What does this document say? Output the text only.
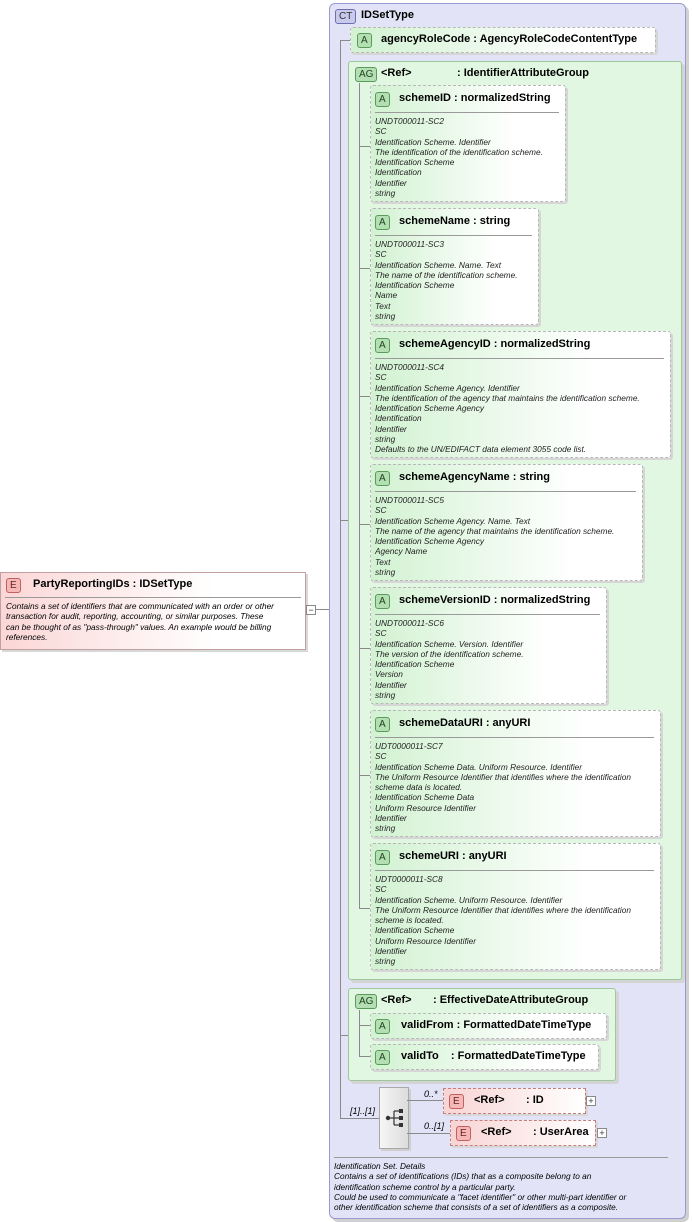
E	PartyReportingIDs : IDSetType
Contains a set of identifiers that are communicated with an order or other
transaction for audit, reporting, accounting, or similar purposes. These
can be thought of as "pass-through" values. An example would be billing
references.
−
CT IDSetType
A	agencyRoleCode : AgencyRoleCodeContentType
AG <Ref>	: IdentifierAttributeGroup
A	schemeID : normalizedString
UNDT000011-SC2
SC
Identification Scheme. Identifier
The identification of the identification scheme.
Identification Scheme
Identification
Identifier
string
A	schemeName : string
UNDT000011-SC3
SC
Identification Scheme. Name. Text
The name of the identification scheme.
Identification Scheme
Name
Text
string
A	schemeAgencyID : normalizedString
UNDT000011-SC4
SC
Identification Scheme Agency. Identifier
The identification of the agency that maintains the identification scheme.
Identification Scheme Agency
Identification
Identifier
string
Defaults to the UN/EDIFACT data element 3055 code list.
A	schemeAgencyName : string
UNDT000011-SC5
SC
Identification Scheme Agency. Name. Text
The name of the agency that maintains the identification scheme.
Identification Scheme Agency
Agency Name
Text
string
A	schemeVersionID : normalizedString
UNDT000011-SC6
SC
Identification Scheme. Version. Identifier
The version of the identification scheme.
Identification Scheme
Version
Identifier
string
A	schemeDataURI : anyURI
UDT0000011-SC7
SC
Identification Scheme Data. Uniform Resource. Identifier
The Uniform Resource Identifier that identifies where the identification
scheme data is located.
Identification Scheme Data
Uniform Resource Identifier
Identifier
string
A	schemeURI : anyURI
UDT0000011-SC8
SC
Identification Scheme. Uniform Resource. Identifier
The Uniform Resource Identifier that identifies where the identification
scheme is located.
Identification Scheme
Uniform Resource Identifier
Identifier
string
AG <Ref> : EffectiveDateAttributeGroup
A	validFrom : FormattedDateTimeType
A	validTo    : FormattedDateTimeType
[1]..[1]
0..*
E	<Ref> : ID	+
0..[1]
E	<Ref> : UserArea +
Identification Set. Details
Contains a set of identifications (IDs) that as a composite belong to an
identification scheme control by a particular party.
Could be used to communicate a "facet identifier" or other multi-part identifier or
other identification scheme that consists of a set of identifiers as a composite.
